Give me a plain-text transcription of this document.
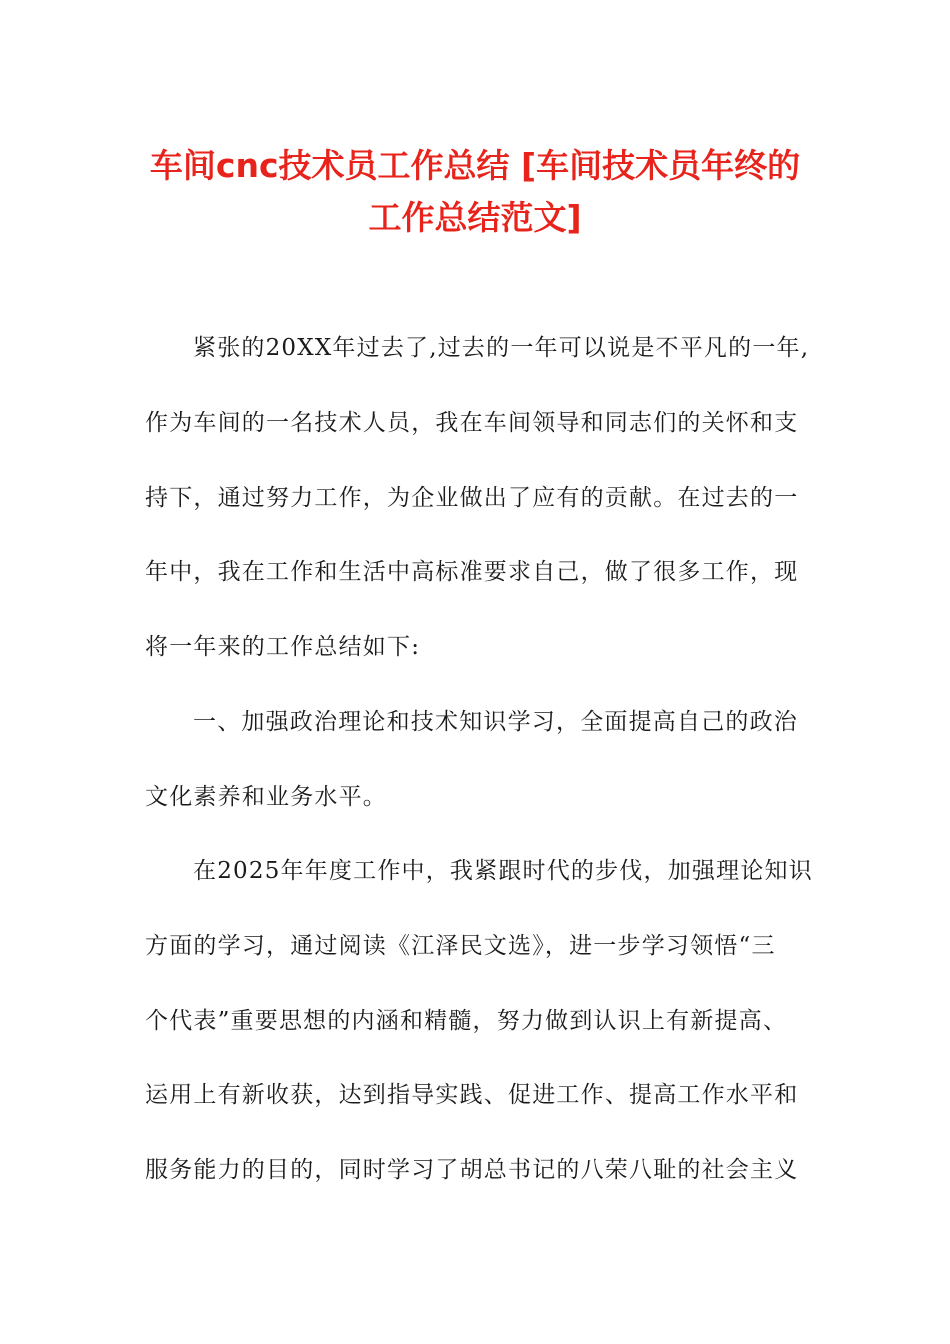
车间cnc技术员工作总结 [车间技术员年终的
工作总结范文]
紧张的20XX年过去了,过去的一年可以说是不平凡的一年,
作为车间的一名技术人员，我在车间领导和同志们的关怀和支
持下，通过努力工作，为企业做出了应有的贡献。在过去的一
年中，我在工作和生活中高标准要求自己，做了很多工作，现
将一年来的工作总结如下:
一、加强政治理论和技术知识学习，全面提高自己的政治
文化素养和业务水平。
在2025年年度工作中，我紧跟时代的步伐，加强理论知识
方面的学习，通过阅读《江泽民文选》，进一步学习领悟“三
个代表”重要思想的内涵和精髓，努力做到认识上有新提高、
运用上有新收获，达到指导实践、促进工作、提高工作水平和
服务能力的目的，同时学习了胡总书记的八荣八耻的社会主义
